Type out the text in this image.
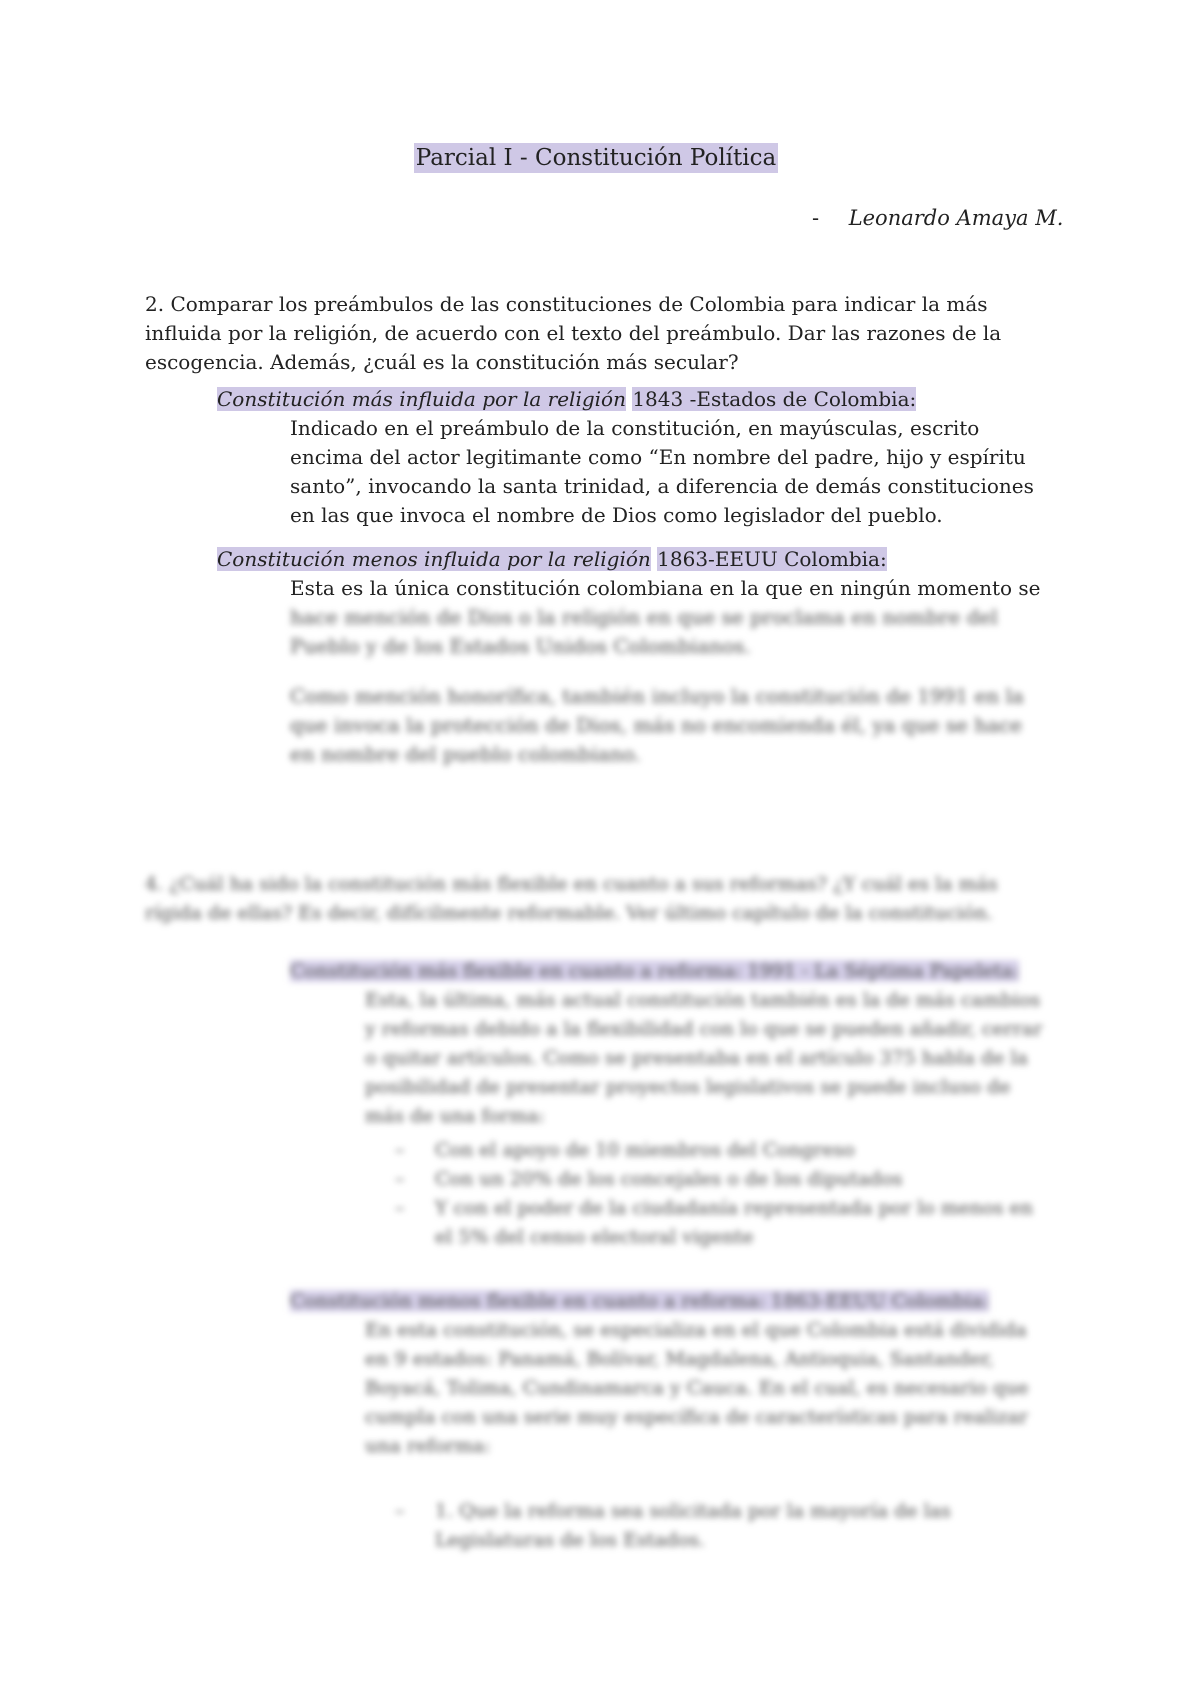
Parcial I - Constitución Política
- Leonardo Amaya M.

2. Comparar los preámbulos de las constituciones de Colombia para indicar la más influida por la religión, de acuerdo con el texto del preámbulo. Dar las razones de la escogencia. Además, ¿cuál es la constitución más secular?

Constitución más influida por la religión 1843 -Estados de Colombia:

Indicado en el preámbulo de la constitución, en mayúsculas, escrito encima del actor legitimante como “En nombre del padre, hijo y espíritu santo”, invocando la santa trinidad, a diferencia de demás constituciones en las que invoca el nombre de Dios como legislador del pueblo.

Constitución menos influida por la religión 1863-EEUU Colombia:

Esta es la única constitución colombiana en la que en ningún momento se

hace mención de Dios o la religión en que se proclama en nombre del Pueblo y de los Estados Unidos Colombianos.

Como mención honorífica, también incluyo la constitución de 1991 en la que invoca la protección de Dios, más no encomienda él, ya que se hace en nombre del pueblo colombiano.

4. ¿Cuál ha sido la constitución más flexible en cuanto a sus reformas? ¿Y cuál es la más rígida de ellas? Es decir, difícilmente reformable. Ver último capítulo de la constitución.

Constitución más flexible en cuanto a reforma: 1991 - La Séptima Papeleta:

Esta, la última, más actual constitución también es la de más cambios y reformas debido a la flexibilidad con lo que se pueden añadir, cerrar o quitar artículos. Como se presentaba en el artículo 375 habla de la posibilidad de presentar proyectos legislativos se puede incluso de más de una forma:

– Con el apoyo de 10 miembros del Congreso
– Con un 20% de los concejales o de los diputados
– Y con el poder de la ciudadanía representada por lo menos en el 5% del censo electoral vigente
Constitución menos flexible en cuanto a reforma: 1863-EEUU Colombia:

En esta constitución, se especializa en el que Colombia está dividida en 9 estados: Panamá, Bolívar, Magdalena, Antioquia, Santander, Boyacá, Tolima, Cundinamarca y Cauca. En el cual, es necesario que cumpla con una serie muy específica de características para realizar una reforma:

– 1. Que la reforma sea solicitada por la mayoría de las Legislaturas de los Estados.
